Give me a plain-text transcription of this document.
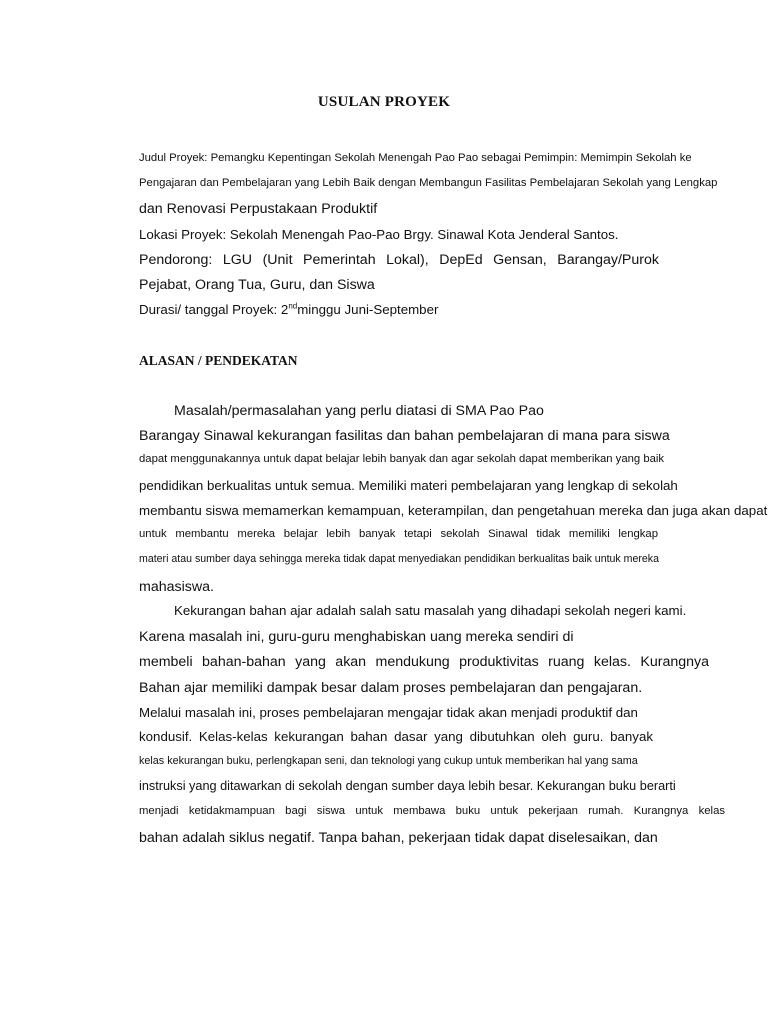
USULAN PROYEK
Judul Proyek: Pemangku Kepentingan Sekolah Menengah Pao Pao sebagai Pemimpin: Memimpin Sekolah ke
Pengajaran dan Pembelajaran yang Lebih Baik dengan Membangun Fasilitas Pembelajaran Sekolah yang Lengkap
dan Renovasi Perpustakaan Produktif
Lokasi Proyek: Sekolah Menengah Pao-Pao Brgy. Sinawal Kota Jenderal Santos.
Pendorong: LGU (Unit Pemerintah Lokal), DepEd Gensan, Barangay/Purok
Pejabat, Orang Tua, Guru, dan Siswa
Durasi/ tanggal Proyek: 2ndminggu Juni-September
ALASAN / PENDEKATAN
Masalah/permasalahan yang perlu diatasi di SMA Pao Pao
Barangay Sinawal kekurangan fasilitas dan bahan pembelajaran di mana para siswa
dapat menggunakannya untuk dapat belajar lebih banyak dan agar sekolah dapat memberikan yang baik
pendidikan berkualitas untuk semua. Memiliki materi pembelajaran yang lengkap di sekolah
membantu siswa memamerkan kemampuan, keterampilan, dan pengetahuan mereka dan juga akan dapat
untuk membantu mereka belajar lebih banyak tetapi sekolah Sinawal tidak memiliki lengkap
materi atau sumber daya sehingga mereka tidak dapat menyediakan pendidikan berkualitas baik untuk mereka
mahasiswa.
Kekurangan bahan ajar adalah salah satu masalah yang dihadapi sekolah negeri kami.
Karena masalah ini, guru-guru menghabiskan uang mereka sendiri di
membeli bahan-bahan yang akan mendukung produktivitas ruang kelas. Kurangnya
Bahan ajar memiliki dampak besar dalam proses pembelajaran dan pengajaran.
Melalui masalah ini, proses pembelajaran mengajar tidak akan menjadi produktif dan
kondusif. Kelas-kelas kekurangan bahan dasar yang dibutuhkan oleh guru. banyak
kelas kekurangan buku, perlengkapan seni, dan teknologi yang cukup untuk memberikan hal yang sama
instruksi yang ditawarkan di sekolah dengan sumber daya lebih besar. Kekurangan buku berarti
menjadi ketidakmampuan bagi siswa untuk membawa buku untuk pekerjaan rumah. Kurangnya kelas
bahan adalah siklus negatif. Tanpa bahan, pekerjaan tidak dapat diselesaikan, dan
